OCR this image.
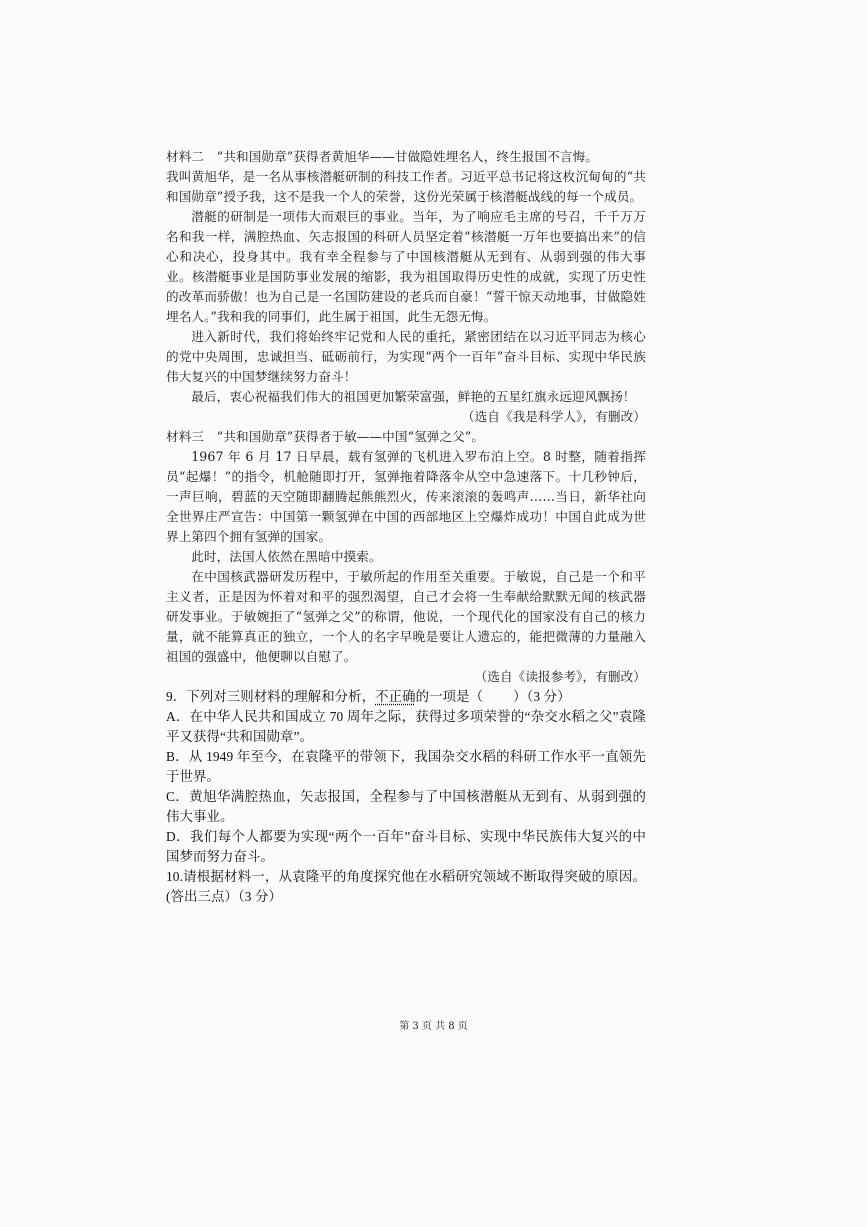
材料二　“共和国勋章”获得者黄旭华——甘做隐姓埋名人，终生报国不言悔。

我叫黄旭华，是一名从事核潜艇研制的科技工作者。习近平总书记将这枚沉甸甸的“共和国勋章”授予我，这不是我一个人的荣誉，这份光荣属于核潜艇战线的每一个成员。

潜艇的研制是一项伟大而艰巨的事业。当年，为了响应毛主席的号召，千千万万名和我一样，满腔热血、矢志报国的科研人员坚定着“核潜艇一万年也要搞出来”的信心和决心，投身其中。我有幸全程参与了中国核潜艇从无到有、从弱到强的伟大事业。核潜艇事业是国防事业发展的缩影，我为祖国取得历史性的成就，实现了历史性的改革而骄傲！也为自己是一名国防建设的老兵而自豪！“誓干惊天动地事，甘做隐姓埋名人。”我和我的同事们，此生属于祖国，此生无怨无悔。

进入新时代，我们将始终牢记党和人民的重托，紧密团结在以习近平同志为核心的党中央周围，忠诚担当、砥砺前行，为实现“两个一百年”奋斗目标、实现中华民族伟大复兴的中国梦继续努力奋斗！

最后，衷心祝福我们伟大的祖国更加繁荣富强，鲜艳的五星红旗永远迎风飘扬！

（选自《我是科学人》，有删改）

材料三　“共和国勋章”获得者于敏——中国“氢弹之父”。

1967 年 6 月 17 日早晨，载有氢弹的飞机进入罗布泊上空。8 时整，随着指挥员“起爆！”的指令，机舱随即打开，氢弹拖着降落伞从空中急速落下。十几秒钟后，一声巨响，碧蓝的天空随即翻腾起熊熊烈火，传来滚滚的轰鸣声……当日，新华社向全世界庄严宣告：中国第一颗氢弹在中国的西部地区上空爆炸成功！中国自此成为世界上第四个拥有氢弹的国家。

此时，法国人依然在黑暗中摸索。

在中国核武器研发历程中，于敏所起的作用至关重要。于敏说，自己是一个和平主义者，正是因为怀着对和平的强烈渴望，自己才会将一生奉献给默默无闻的核武器研发事业。于敏婉拒了“氢弹之父”的称谓，他说，一个现代化的国家没有自己的核力量，就不能算真正的独立，一个人的名字早晚是要让人遗忘的，能把微薄的力量融入祖国的强盛中，他便聊以自慰了。

（选自《读报参考》，有删改）

9．下列对三则材料的理解和分析，不正确的一项是（ ）（3 分）

A．在中华人民共和国成立 70 周年之际，获得过多项荣誉的“杂交水稻之父”袁隆平又获得“共和国勋章”。

B．从 1949 年至今，在袁隆平的带领下，我国杂交水稻的科研工作水平一直领先于世界。

C．黄旭华满腔热血，矢志报国，全程参与了中国核潜艇从无到有、从弱到强的伟大事业。

D．我们每个人都要为实现“两个一百年”奋斗目标、实现中华民族伟大复兴的中国梦而努力奋斗。

10.请根据材料一，从袁隆平的角度探究他在水稻研究领域不断取得突破的原因。(答出三点）（3 分）

第 3 页 共 8 页
